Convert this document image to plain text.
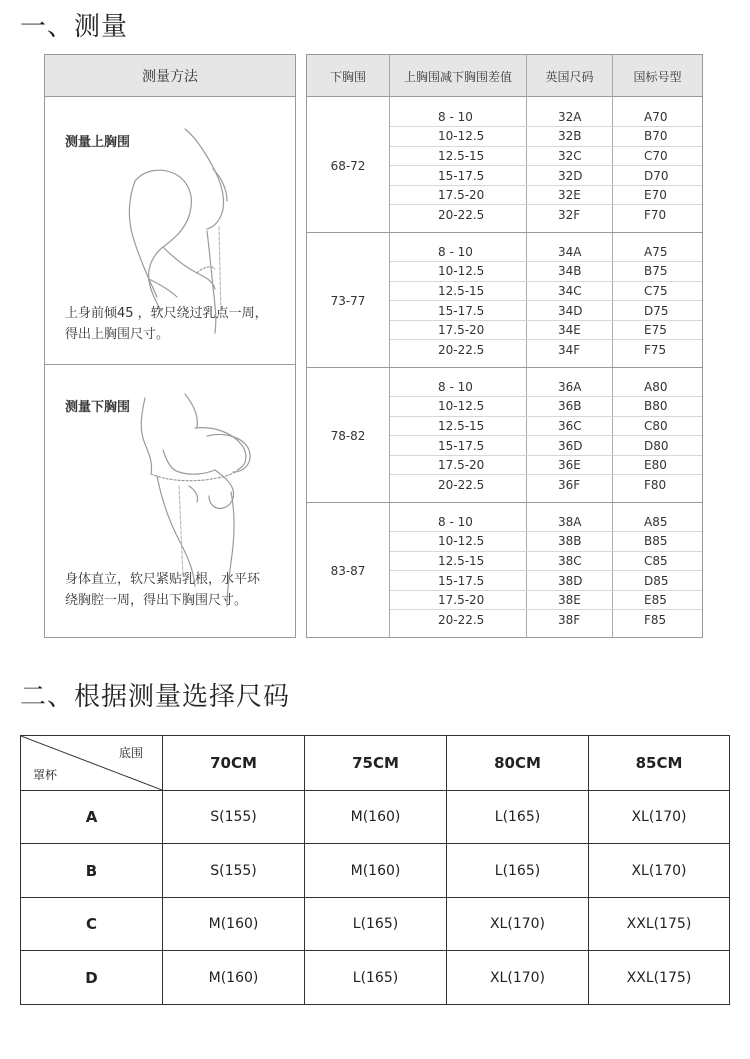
一、测量
测量方法
测量上胸围
上身前倾45 ，软尺绕过乳点一周，
得出上胸围尺寸。
测量下胸围
身体直立，软尺紧贴乳根，水平环
绕胸腔一周，得出下胸围尺寸。
下胸围	上胸围减下胸围差值	英国尺码	国标号型
68-72
8 - 10	32A	A70
10-12.5	32B	B70
12.5-15	32C	C70
15-17.5	32D	D70
17.5-20	32E	E70
20-22.5	32F	F70
73-77
8 - 10	34A	A75
10-12.5	34B	B75
12.5-15	34C	C75
15-17.5	34D	D75
17.5-20	34E	E75
20-22.5	34F	F75
78-82
8 - 10	36A	A80
10-12.5	36B	B80
12.5-15	36C	C80
15-17.5	36D	D80
17.5-20	36E	E80
20-22.5	36F	F80
83-87
8 - 10	38A	A85
10-12.5	38B	B85
12.5-15	38C	C85
15-17.5	38D	D85
17.5-20	38E	E85
20-22.5	38F	F85
二、根据测量选择尺码
底围
罩杯
70CM	75CM	80CM	85CM
A	S(155)	M(160)	L(165)	XL(170)
B	S(155)	M(160)	L(165)	XL(170)
C	M(160)	L(165)	XL(170)	XXL(175)
D	M(160)	L(165)	XL(170)	XXL(175)
